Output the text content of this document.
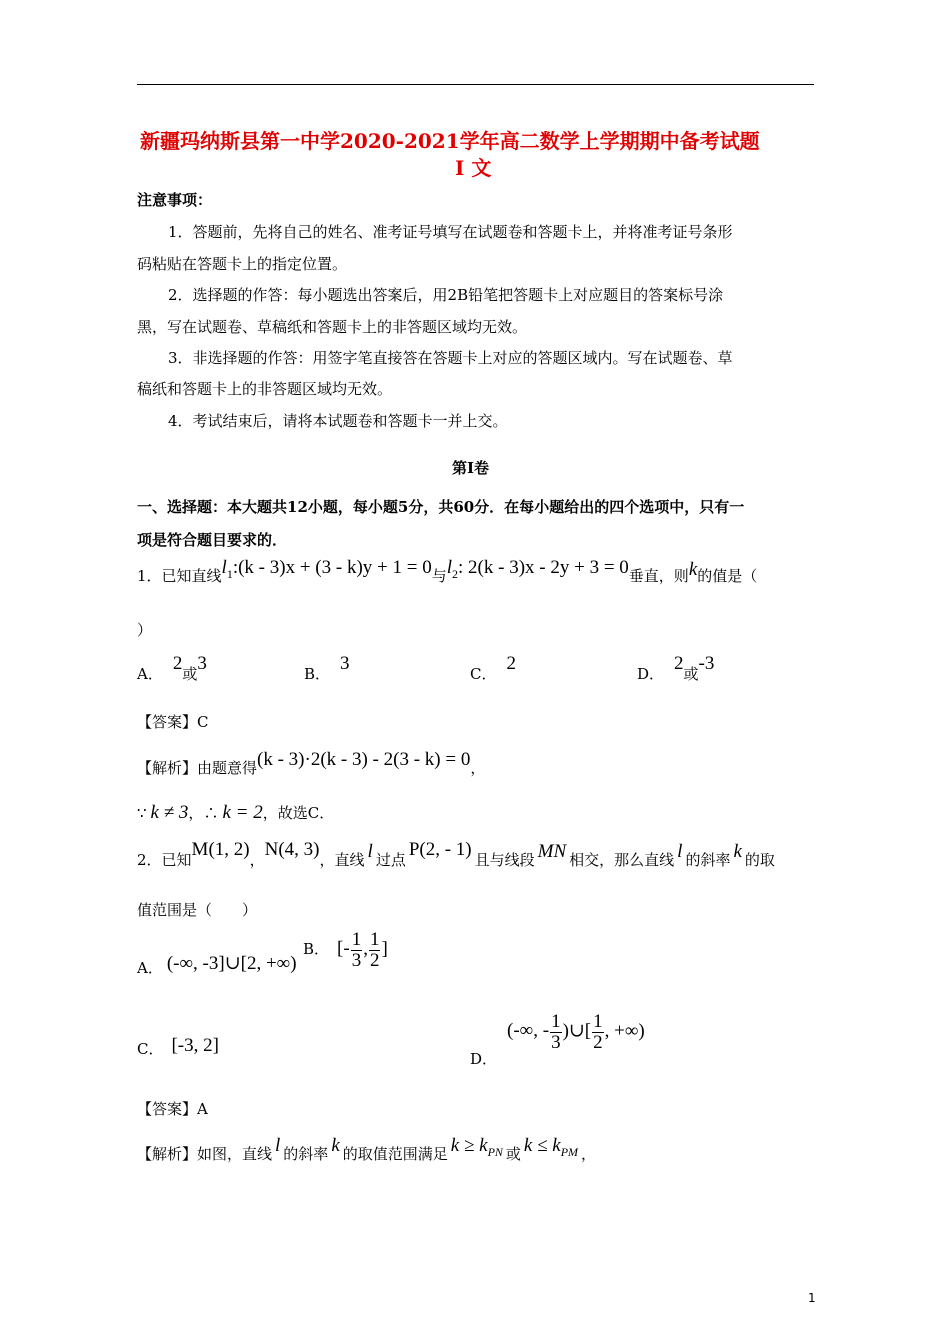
新疆玛纳斯县第一中学2020-2021学年高二数学上学期期中备考试题
Ⅰ 文
注意事项：
1．答题前，先将自己的姓名、准考证号填写在试题卷和答题卡上，并将准考证号条形
码粘贴在答题卡上的指定位置。
2．选择题的作答：每小题选出答案后，用2B铅笔把答题卡上对应题目的答案标号涂
黑，写在试题卷、草稿纸和答题卡上的非答题区域均无效。
3．非选择题的作答：用签字笔直接答在答题卡上对应的答题区域内。写在试题卷、草
稿纸和答题卡上的非答题区域均无效。
4．考试结束后，请将本试题卷和答题卡一并上交。
第Ⅰ卷
一、选择题：本大题共12小题，每小题5分，共60分．在每小题给出的四个选项中，只有一
项是符合题目要求的．
1．已知直线$l_1:(k - 3)x + (3 - k)y + 1 = 0$与$l_2$: 2(k - 3)x - 2y + 3 = 0垂直，则k的值是（
）
A． 2或3	B． 3	C． 2	D． 2或-3
【答案】C
【解析】由题意得(k - 3)·2(k - 3) - 2(3 - k) = 0，
∵ k ≠ 3，∴ k = 2，故选C．
2．已知M(1, 2)，N(4, 3)，直线 l 过点 P(2, - 1) 且与线段 MN 相交，那么直线 l 的斜率 k 的取
值范围是（　　）
A． (-∞, -3]∪[2, +∞)
B． [- $\frac{1}{3}$ , $\frac{1}{2}$ ]
C． [-3, 2]
D．(-∞, - $\frac{1}{3}$ )∪[ $\frac{1}{2}$ , +∞)
【答案】A
【解析】如图，直线 l 的斜率 k 的取值范围满足 $k \ge k_{PN}$ 或 $k \le k_{PM}$ ，
1
